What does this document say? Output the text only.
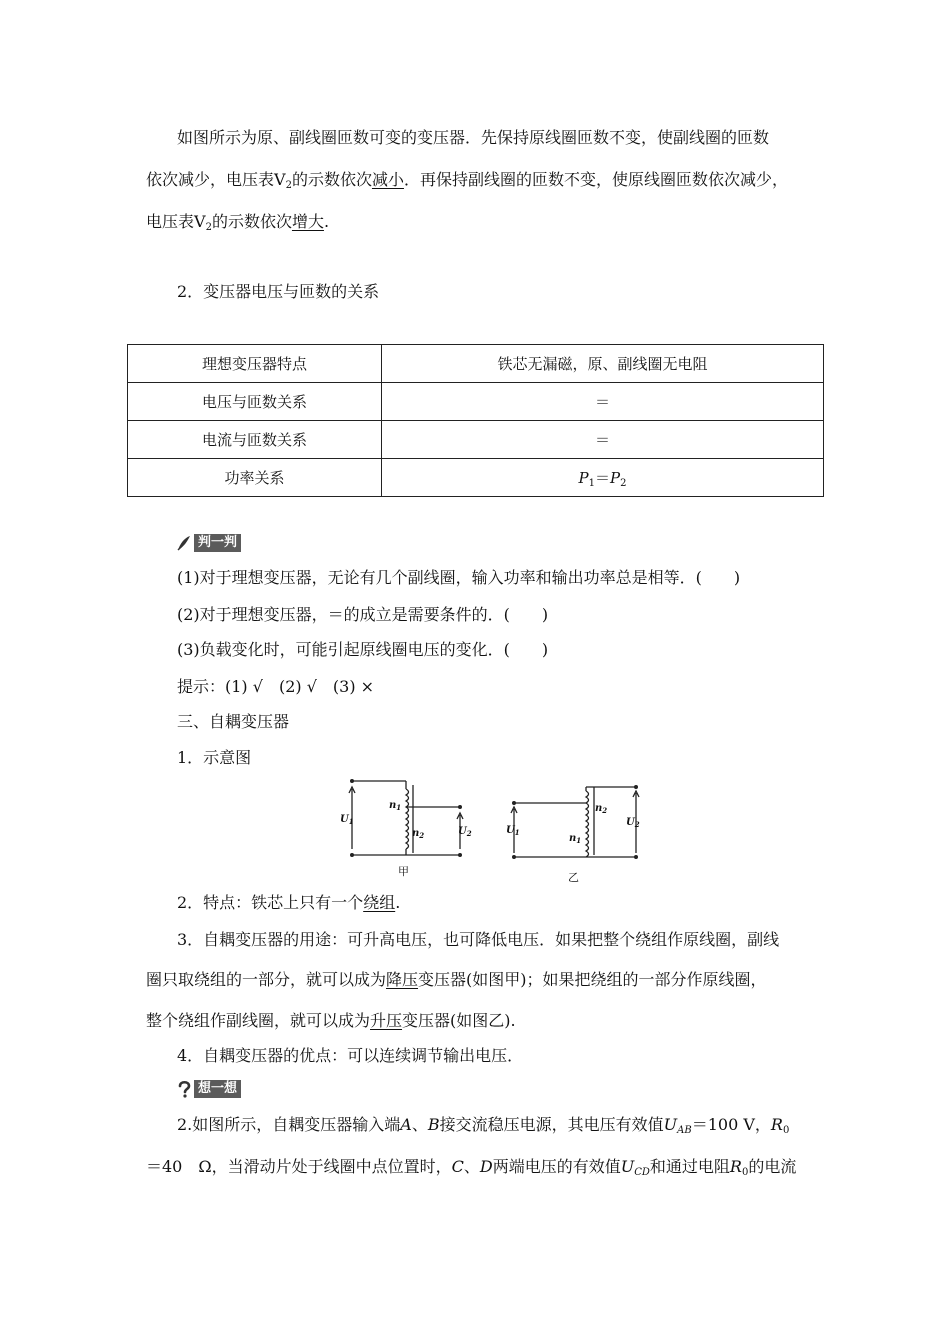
如图所示为原、副线圈匝数可变的变压器．先保持原线圈匝数不变，使副线圈的匝数
依次减少，电压表$V_2$的示数依次减小．再保持副线圈的匝数不变，使原线圈匝数依次减少，
电压表$V_2$的示数依次增大.
2．变压器电压与匝数的关系
理想变压器特点	铁芯无漏磁，原、副线圈无电阻
电压与匝数关系	＝
电流与匝数关系	＝
功率关系	$P_1=P_2$
判一判
(1)对于理想变压器，无论有几个副线圈，输入功率和输出功率总是相等．(　　)
(2)对于理想变压器，＝的成立是需要条件的．(　　)
(3)负载变化时，可能引起原线圈电压的变化．(　　)
提示：(1) √　(2) √　(3) ×
三、自耦变压器
1．示意图
$U_1$
$n_1$
$n_2$	$U_2$
甲
$U_1$
$n_1$
$n_2$
$U_2$
乙
2．特点：铁芯上只有一个绕组.
3．自耦变压器的用途：可升高电压，也可降低电压．如果把整个绕组作原线圈，副线
圈只取绕组的一部分，就可以成为降压变压器(如图甲)；如果把绕组的一部分作原线圈，
整个绕组作副线圈，就可以成为升压变压器(如图乙).
4．自耦变压器的优点：可以连续调节输出电压．
想一想
2.如图所示，自耦变压器输入端A、B接交流稳压电源，其电压有效值$U_{AB}=100$ V，$R_0$
＝40　Ω，当滑动片处于线圈中点位置时，C、D两端电压的有效值$U_{CD}$和通过电阻$R_0$的电流
